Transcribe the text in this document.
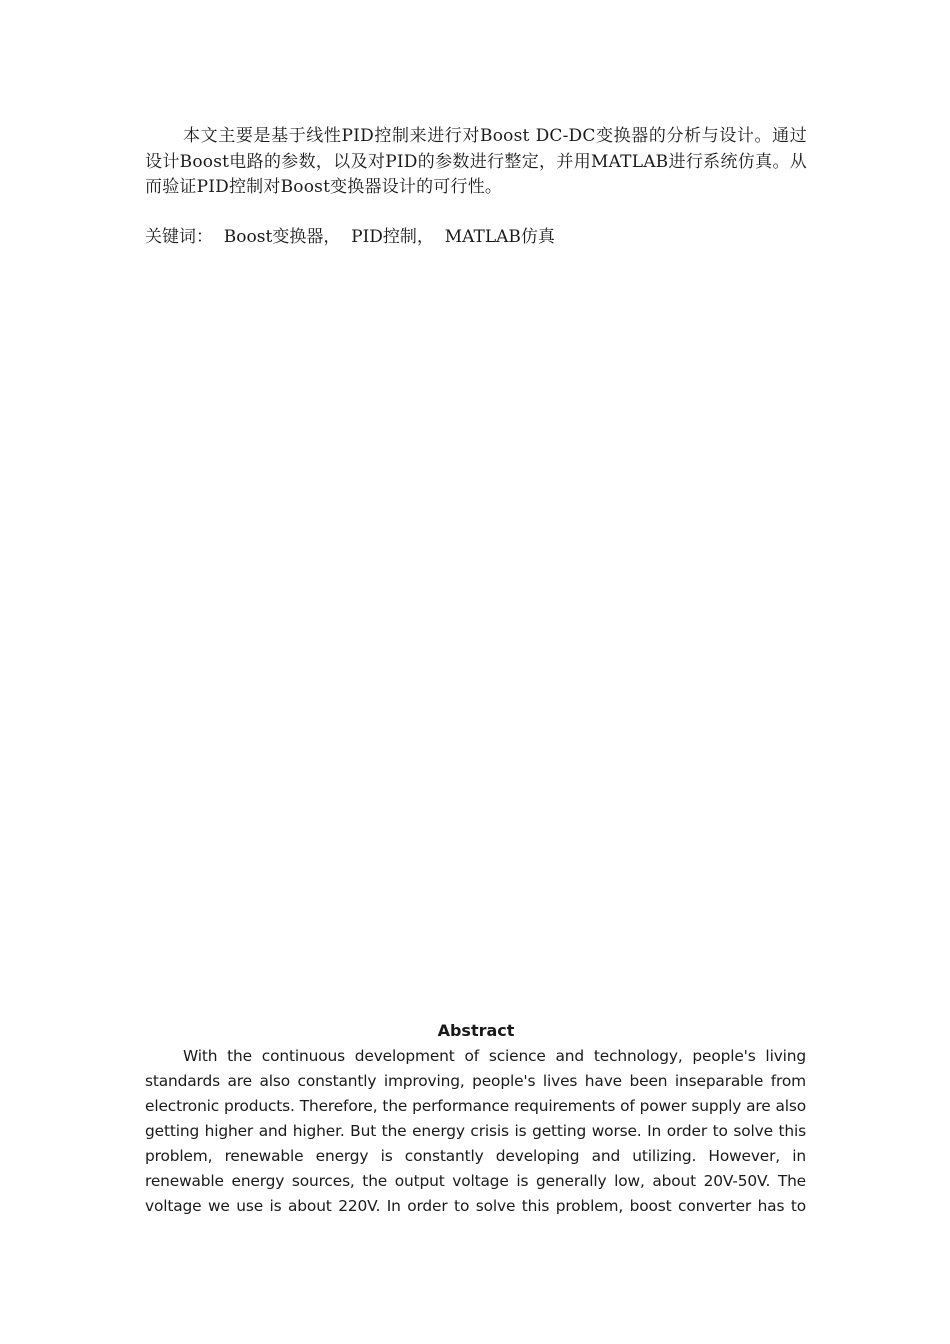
本文主要是基于线性PID控制来进行对Boost DC-DC变换器的分析与设计。通过设计Boost电路的参数，以及对PID的参数进行整定，并用MATLAB进行系统仿真。从而验证PID控制对Boost变换器设计的可行性。

关键词：  Boost变换器，  PID控制，  MATLAB仿真

Abstract

With the continuous development of science and technology, people's living standards are also constantly improving, people's lives have been inseparable from electronic products. Therefore, the performance requirements of power supply are also getting higher and higher. But the energy crisis is getting worse. In order to solve this problem, renewable energy is constantly developing and utilizing. However, in renewable energy sources, the output voltage is generally low, about 20V-50V. The voltage we use is about 220V. In order to solve this problem, boost converter has to
